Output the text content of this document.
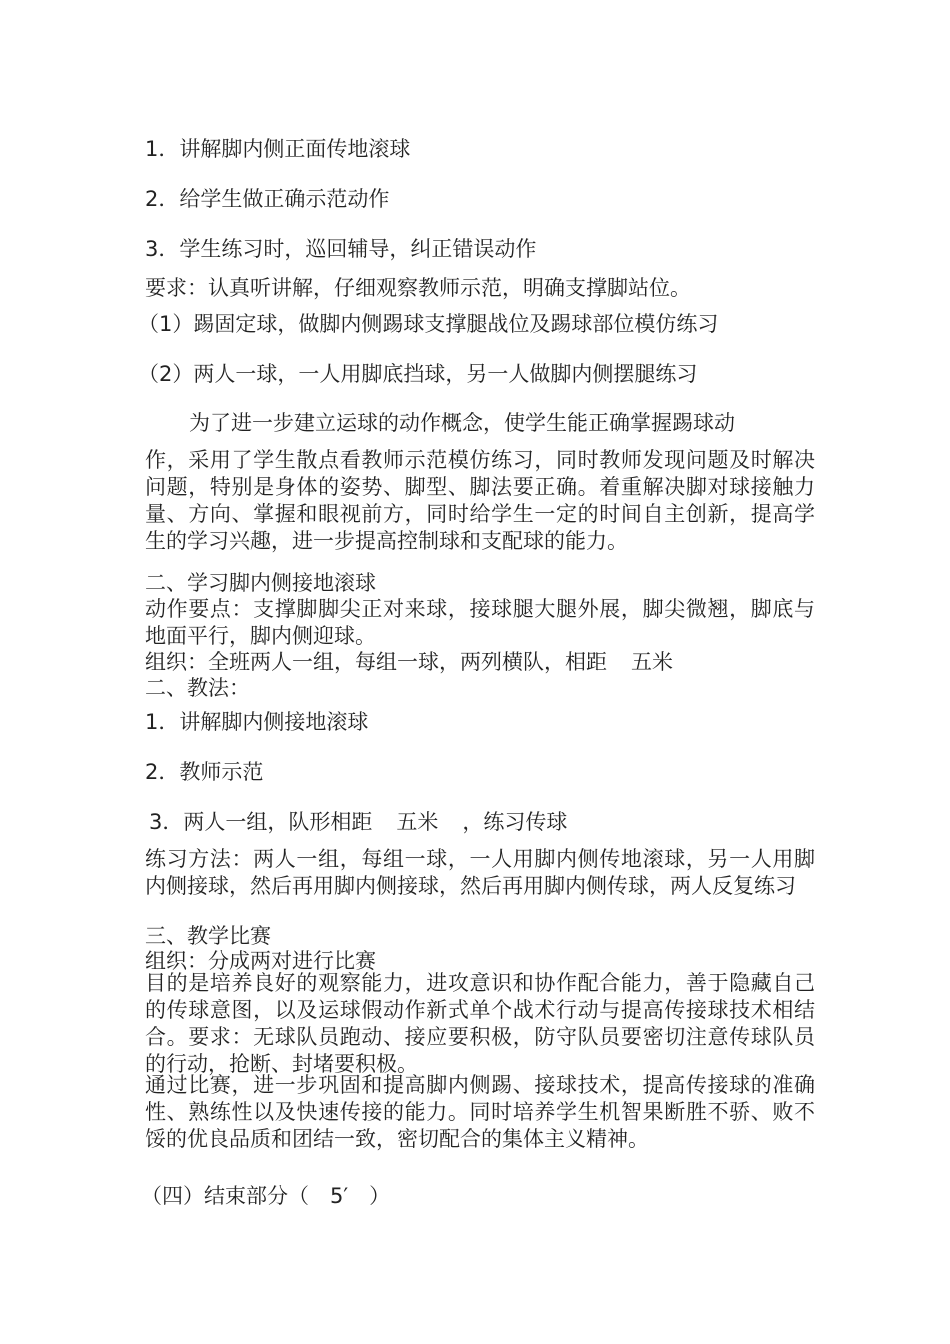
1．讲解脚内侧正面传地滚球
2．给学生做正确示范动作
3．学生练习时，巡回辅导，纠正错误动作
要求：认真听讲解，仔细观察教师示范，明确支撑脚站位。
（1）踢固定球，做脚内侧踢球支撑腿战位及踢球部位模仿练习
（2）两人一球，一人用脚底挡球，另一人做脚内侧摆腿练习
为了进一步建立运球的动作概念，使学生能正确掌握踢球动
作，采用了学生散点看教师示范模仿练习，同时教师发现问题及时解决问题，特别是身体的姿势、脚型、脚法要正确。着重解决脚对球接触力量、方向、掌握和眼视前方，同时给学生一定的时间自主创新，提高学生的学习兴趣，进一步提高控制球和支配球的能力。
二、学习脚内侧接地滚球
动作要点：支撑脚脚尖正对来球，接球腿大腿外展，脚尖微翘，脚底与地面平行，脚内侧迎球。
组织：全班两人一组，每组一球，两列横队，相距 五米
二、教法：
1．讲解脚内侧接地滚球
2．教师示范
3．两人一组，队形相距 五米 ，练习传球
练习方法：两人一组，每组一球，一人用脚内侧传地滚球，另一人用脚内侧接球，然后再用脚内侧接球，然后再用脚内侧传球，两人反复练习
三、教学比赛
组织：分成两对进行比赛
目的是培养良好的观察能力，进攻意识和协作配合能力，善于隐藏自己的传球意图，以及运球假动作新式单个战术行动与提高传接球技术相结合。要求：无球队员跑动、接应要积极，防守队员要密切注意传球队员的行动，抢断、封堵要积极。
通过比赛，进一步巩固和提高脚内侧踢、接球技术，提高传接球的准确性、熟练性以及快速传接的能力。同时培养学生机智果断胜不骄、败不馁的优良品质和团结一致，密切配合的集体主义精神。
（四）结束部分（　5′　）
